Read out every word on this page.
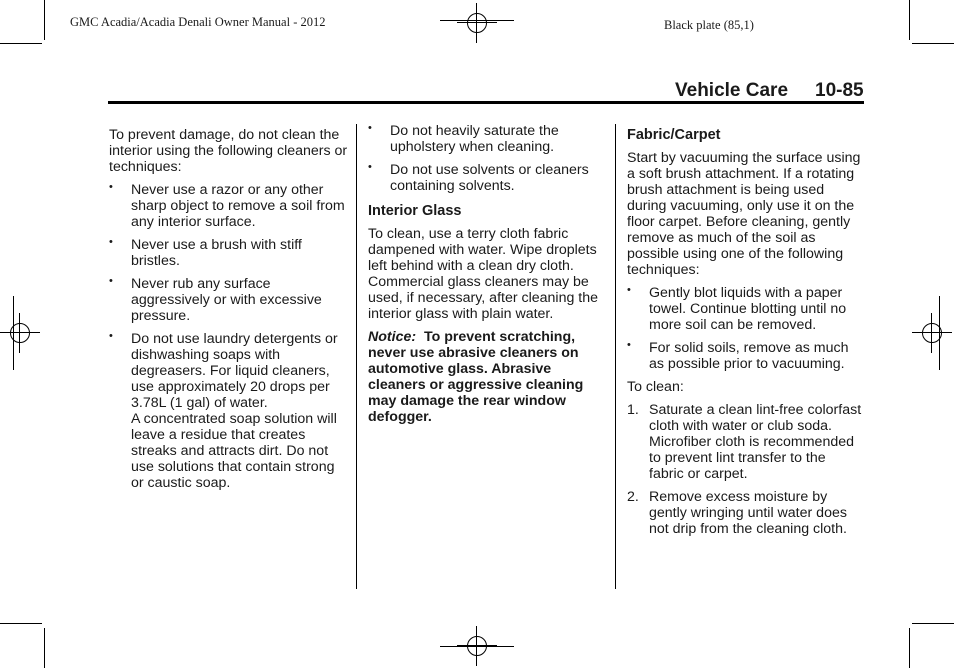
GMC Acadia/Acadia Denali Owner Manual - 2012	Black plate (85,1)
Vehicle Care 10-85

To prevent damage, do not clean the interior using the following cleaners or techniques:

• Never use a razor or any other sharp object to remove a soil from any interior surface.
• Never use a brush with stiff bristles.
• Never rub any surface aggressively or with excessive pressure.
• Do not use laundry detergents or dishwashing soaps with degreasers. For liquid cleaners, use approximately 20 drops per 3.78L (1 gal) of water.
A concentrated soap solution will leave a residue that creates streaks and attracts dirt. Do not use solutions that contain strong or caustic soap.
• Do not heavily saturate the upholstery when cleaning.
• Do not use solvents or cleaners containing solvents.
Interior Glass

To clean, use a terry cloth fabric dampened with water. Wipe droplets left behind with a clean dry cloth. Commercial glass cleaners may be used, if necessary, after cleaning the interior glass with plain water.

Notice: To prevent scratching, never use abrasive cleaners on automotive glass. Abrasive cleaners or aggressive cleaning may damage the rear window defogger.

Fabric/Carpet

Start by vacuuming the surface using a soft brush attachment. If a rotating brush attachment is being used during vacuuming, only use it on the floor carpet. Before cleaning, gently remove as much of the soil as possible using one of the following techniques:

• Gently blot liquids with a paper towel. Continue blotting until no more soil can be removed.
• For solid soils, remove as much as possible prior to vacuuming.

To clean:

1. Saturate a clean lint-free colorfast cloth with water or club soda. Microfiber cloth is recommended to prevent lint transfer to the fabric or carpet.
2. Remove excess moisture by gently wringing until water does not drip from the cleaning cloth.
